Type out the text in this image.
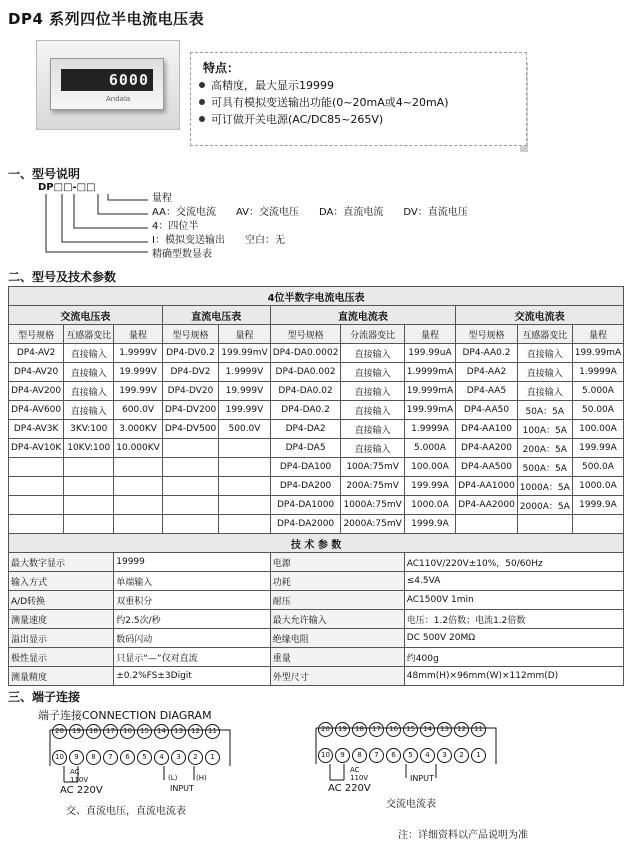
DP4 系列四位半电流电压表
6000
Andala
特点：
高精度，最大显示19999
可具有模拟变送输出功能(0~20mA或4~20mA)
可订做开关电源(AC/DC85~265V)
一、型号说明
DP□□-□□
量程
AA：交流电流　　AV：交流电压　　DA：直流电流　　DV：直流电压
4：四位半
I：模拟变送输出　　空白：无
精确型数显表
二、型号及技术参数
4位半数字电流电压表										
交流电压表			直流电压表		直流电流表			交流电流表		
型号规格	互感器变比	量程	型号规格	量程	型号规格	分流器变比	量程	型号规格	互感器变比	量程
DP4-AV2	直接输入	1.9999V	DP4-DV0.2	199.99mV	DP4-DA0.0002	直接输入	199.99uA	DP4-AA0.2	直接输入	199.99mA
DP4-AV20	直接输入	19.999V	DP4-DV2	1.9999V	DP4-DA0.002	直接输入	1.9999mA	DP4-AA2	直接输入	1.9999A
DP4-AV200	直接输入	199.99V	DP4-DV20	19.999V	DP4-DA0.02	直接输入	19.999mA	DP4-AA5	直接输入	5.000A
DP4-AV600	直接输入	600.0V	DP4-DV200	199.99V	DP4-DA0.2	直接输入	199.99mA	DP4-AA50	50A：5A	50.00A
DP4-AV3K	3KV:100	3.000KV	DP4-DV500	500.0V	DP4-DA2	直接输入	1.9999A	DP4-AA100	100A：5A	100.00A
DP4-AV10K	10KV:100	10.000KV			DP4-DA5	直接输入	5.000A	DP4-AA200	200A：5A	199.99A
					DP4-DA100	100A:75mV	100.00A	DP4-AA500	500A：5A	500.0A
					DP4-DA200	200A:75mV	199.99A	DP4-AA1000	1000A：5A	1000.0A
					DP4-DA1000	1000A:75mV	1000.0A	DP4-AA2000	2000A：5A	1999.9A
					DP4-DA2000	2000A:75mV	1999.9A			
技 术 参 数										
最大数字显示		19999			电源		AC110V/220V±10%，50/60Hz			
输入方式		单端输入			功耗		≤4.5VA			
A/D转换		双重积分			耐压		AC1500V 1min			
测量速度		约2.5次/秒			最大允许输入		电压：1.2倍数；电流1.2倍数			
溢出显示		数码闪动			绝缘电阻		DC 500V 20MΩ			
极性显示		只显示“—”仅对直流			重量		约400g			
测量精度		±0.2%FS±3Digit			外型尺寸		48mm(H)×96mm(W)×112mm(D)			
三、端子连接
端子连接CONNECTION DIAGRAM
20	19	18	17	16	15	14	13	12	11
10	9	8	7	6	5	4	3	2	1
AC
110V	(L)	(H)
AC 220V	INPUT
交、直流电压，直流电流表
20	19	18	17	16	15	14	13	12	11
10	9	8	7	6	5	4	3	2	1
AC
110V
AC 220V
INPUT
交流电流表
注：详细资料以产品说明为准
